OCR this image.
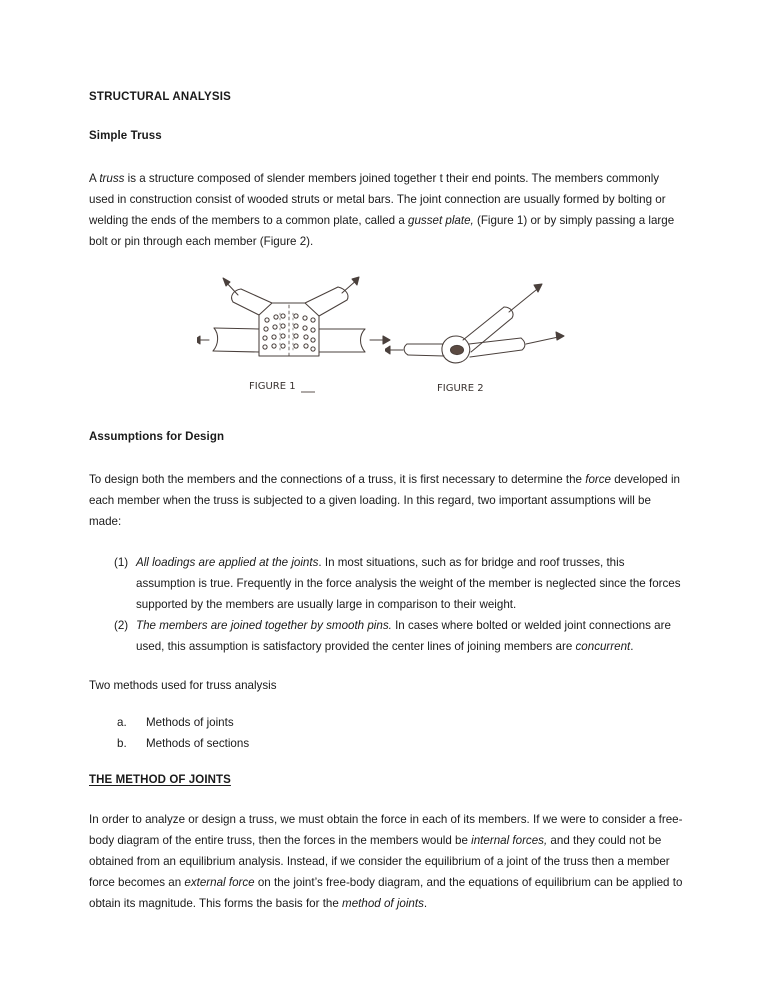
STRUCTURAL ANALYSIS
Simple Truss

A truss is a structure composed of slender members joined together t their end points. The members commonly used in construction consist of wooded struts or metal bars. The joint connection are usually formed by bolting or welding the ends of the members to a common plate, called a gusset plate, (Figure 1) or by simply passing a large bolt or pin through each member (Figure 2).

FIGURE 1	FIGURE 2
Assumptions for Design

To design both the members and the connections of a truss, it is first necessary to determine the force developed in each member when the truss is subjected to a given loading. In this regard, two important assumptions will be made:

(1) All loadings are applied at the joints. In most situations, such as for bridge and roof trusses, this assumption is true. Frequently in the force analysis the weight of the member is neglected since the forces supported by the members are usually large in comparison to their weight.
(2) The members are joined together by smooth pins. In cases where bolted or welded joint connections are used, this assumption is satisfactory provided the center lines of joining members are concurrent.

Two methods used for truss analysis

a. Methods of joints
b. Methods of sections
THE METHOD OF JOINTS

In order to analyze or design a truss, we must obtain the force in each of its members. If we were to consider a free-body diagram of the entire truss, then the forces in the members would be internal forces, and they could not be obtained from an equilibrium analysis. Instead, if we consider the equilibrium of a joint of the truss then a member force becomes an external force on the joint’s free-body diagram, and the equations of equilibrium can be applied to obtain its magnitude. This forms the basis for the method of joints.
